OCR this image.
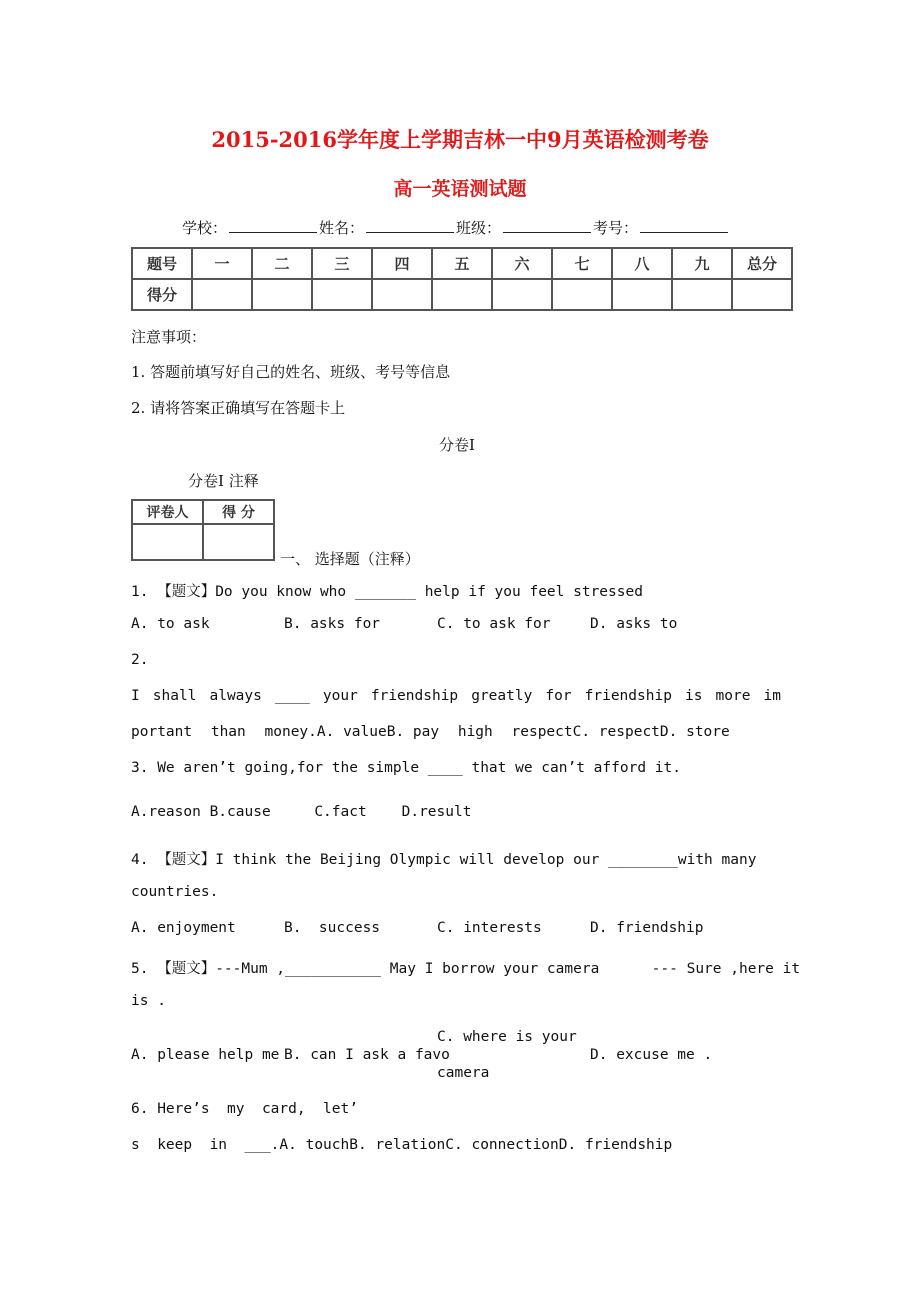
2015-2016学年度上学期吉林一中9月英语检测考卷
高一英语测试题
学校：	姓名：	班级：	考号：
题号	一	二	三	四	五	六	七	八	九	总分
得分										
注意事项：
1. 答题前填写好自己的姓名、班级、考号等信息
2. 请将答案正确填写在答题卡上
分卷I
分卷I 注释
评卷人	得 分

一、 选择题（注释）
1. 【题文】Do you know who _______ help if you feel stressed
A. to ask	B. asks for	C. to ask for	D. asks to
2.
I shall always ____ your friendship greatly for friendship is more im
portant than money.A. valueB. pay high respectC. respectD. store
3. We aren’t going,for the simple ____ that we can’t afford it.
A.reason B.cause     C.fact    D.result
4. 【题文】I think the Beijing Olympic will develop our ________with many
countries.
A. enjoyment	B.  success	C. interests	D. friendship
5. 【题文】---Mum ,___________ May I borrow your camera      --- Sure ,here it
is .
A. please help me B. can I ask a favo
C. where is your
camera
D. excuse me .
6. Here’s  my  card,  let’
s  keep  in  ___.A. touchB. relationC. connectionD. friendship
